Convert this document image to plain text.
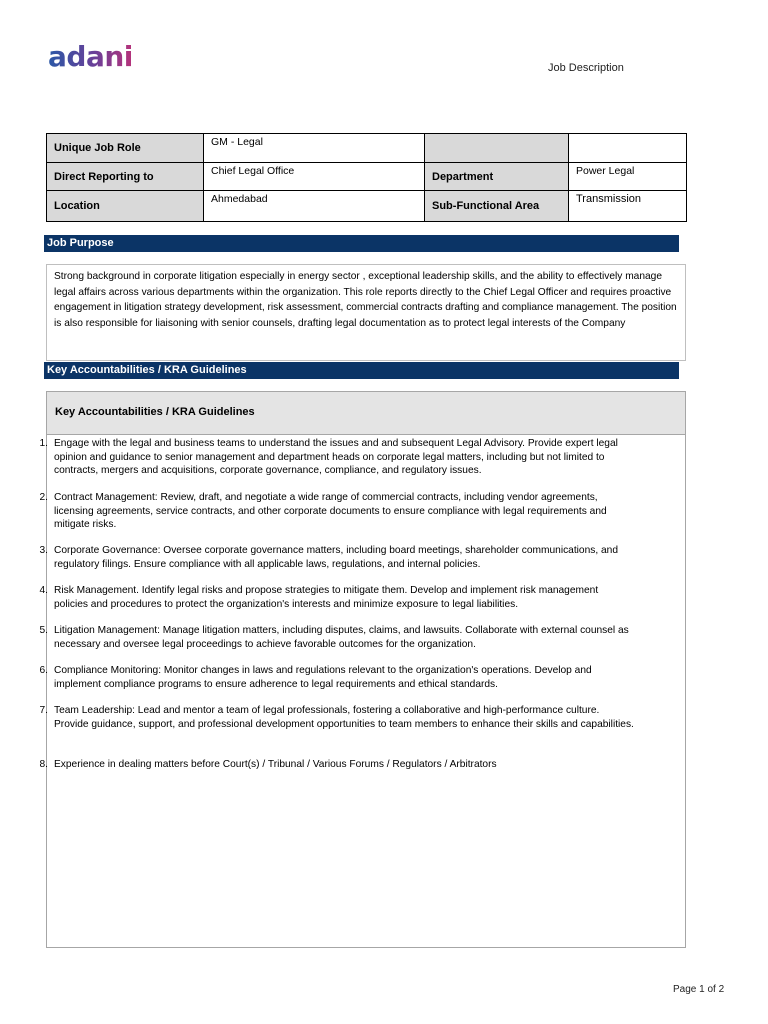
adani	Job Description
Unique Job Role	GM - Legal		
Direct Reporting to	Chief Legal Office	Department	Power Legal
Location	Ahmedabad	Sub-Functional Area	Transmission
Job Purpose
Strong background in corporate litigation especially in energy sector , exceptional leadership skills, and the ability to effectively manage legal affairs across various departments within the organization. This role reports directly to the Chief Legal Officer and requires proactive engagement in litigation strategy development, risk assessment, commercial contracts drafting and compliance management. The position is also responsible for liaisoning with senior counsels, drafting legal documentation as to protect legal interests of the Company
Key Accountabilities / KRA Guidelines
Key Accountabilities / KRA Guidelines
1. Engage with the legal and business teams to understand the issues and and subsequent Legal Advisory. Provide expert legal opinion and guidance to senior management and department heads on corporate legal matters, including but not limited to contracts, mergers and acquisitions, corporate governance, compliance, and regulatory issues.
2. Contract Management: Review, draft, and negotiate a wide range of commercial contracts, including vendor agreements, licensing agreements, service contracts, and other corporate documents to ensure compliance with legal requirements and mitigate risks.
3. Corporate Governance: Oversee corporate governance matters, including board meetings, shareholder communications, and regulatory filings. Ensure compliance with all applicable laws, regulations, and internal policies.
4. Risk Management. Identify legal risks and propose strategies to mitigate them. Develop and implement risk management policies and procedures to protect the organization's interests and minimize exposure to legal liabilities.
5. Litigation Management: Manage litigation matters, including disputes, claims, and lawsuits. Collaborate with external counsel as necessary and oversee legal proceedings to achieve favorable outcomes for the organization.
6. Compliance Monitoring: Monitor changes in laws and regulations relevant to the organization's operations. Develop and implement compliance programs to ensure adherence to legal requirements and ethical standards.
7. Team Leadership: Lead and mentor a team of legal professionals, fostering a collaborative and high-performance culture. Provide guidance, support, and professional development opportunities to team members to enhance their skills and capabilities.
8. Experience in dealing matters before Court(s) / Tribunal / Various Forums / Regulators / Arbitrators
Page 1 of 2
